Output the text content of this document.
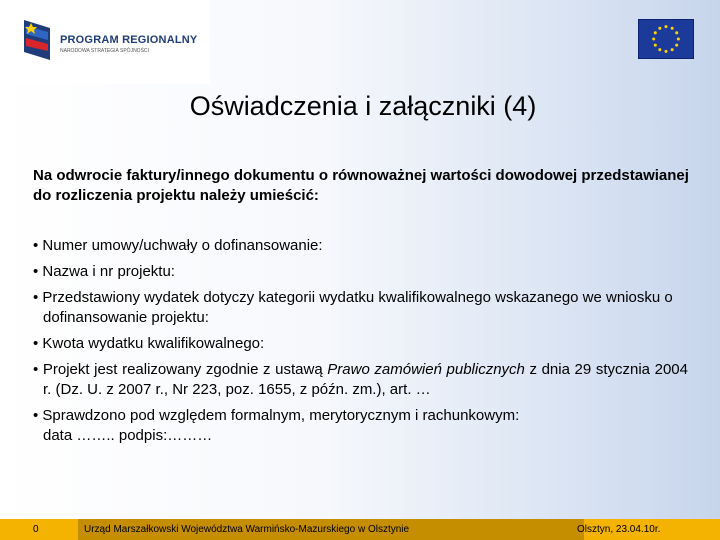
PROGRAM REGIONALNY
NARODOWA STRATEGIA SPÓJNOŚCI
Oświadczenia i załączniki (4)
Na odwrocie faktury/innego dokumentu o równoważnej wartości dowodowej przedstawianej do rozliczenia projektu należy umieścić:
• Numer umowy/uchwały o dofinansowanie:
• Nazwa i nr projektu:
• Przedstawiony wydatek dotyczy kategorii wydatku kwalifikowalnego wskazanego we wniosku o dofinansowanie projektu:
• Kwota wydatku kwalifikowalnego:
• Projekt jest realizowany zgodnie z ustawą Prawo zamówień publicznych z dnia 29 stycznia 2004 r. (Dz. U. z 2007 r., Nr 223, poz. 1655, z późn. zm.), art. …
• Sprawdzono pod względem formalnym, merytorycznym i rachunkowym:
data …….. podpis:………
0	Urząd Marszałkowski Województwa Warmińsko-Mazurskiego w Olsztynie	Olsztyn, 23.04.10r.
